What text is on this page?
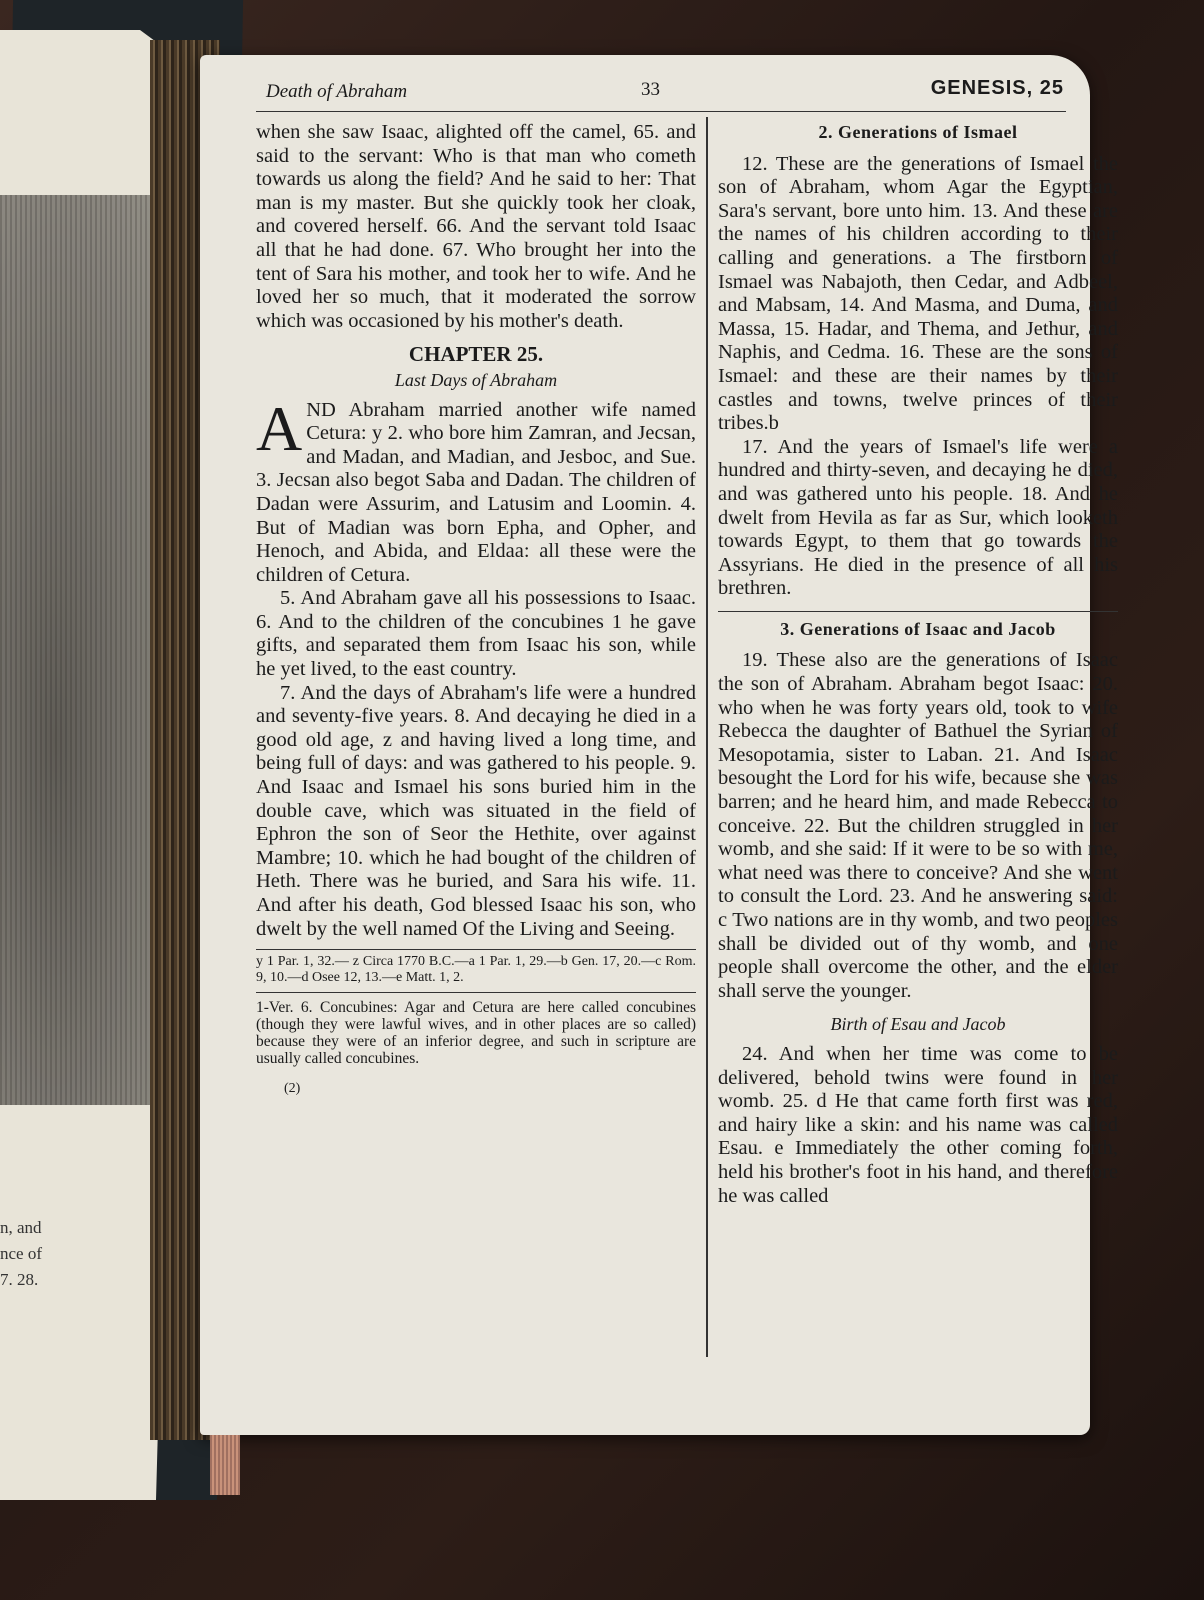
n, and
nce of
7. 28.
Death of Abraham	33	GENESIS, 25

when she saw Isaac, alighted off the camel, 65. and said to the servant: Who is that man who cometh towards us along the field? And he said to her: That man is my master. But she quickly took her cloak, and covered herself. 66. And the servant told Isaac all that he had done. 67. Who brought her into the tent of Sara his mother, and took her to wife. And he loved her so much, that it moderated the sorrow which was occasioned by his mother's death.

CHAPTER 25.
Last Days of Abraham

AND Abraham married another wife named Cetura: y 2. who bore him Zamran, and Jecsan, and Madan, and Madian, and Jesboc, and Sue. 3. Jecsan also begot Saba and Dadan. The children of Dadan were Assurim, and Latusim and Loomin. 4. But of Madian was born Epha, and Opher, and Henoch, and Abida, and Eldaa: all these were the children of Cetura.

5. And Abraham gave all his possessions to Isaac. 6. And to the children of the concubines 1 he gave gifts, and separated them from Isaac his son, while he yet lived, to the east country.

7. And the days of Abraham's life were a hundred and seventy-five years. 8. And decaying he died in a good old age, z and having lived a long time, and being full of days: and was gathered to his people. 9. And Isaac and Ismael his sons buried him in the double cave, which was situated in the field of Ephron the son of Seor the Hethite, over against Mambre; 10. which he had bought of the children of Heth. There was he buried, and Sara his wife. 11. And after his death, God blessed Isaac his son, who dwelt by the well named Of the Living and Seeing.

y 1 Par. 1, 32.— z Circa 1770 B.C.—a 1 Par. 1, 29.—b Gen. 17, 20.—c Rom. 9, 10.—d Osee 12, 13.—e Matt. 1, 2.
1-Ver. 6. Concubines: Agar and Cetura are here called concubines (though they were lawful wives, and in other places are so called) because they were of an inferior degree, and such in scripture are usually called concubines.
(2)
2. Generations of Ismael

12. These are the generations of Ismael the son of Abraham, whom Agar the Egyptian, Sara's servant, bore unto him. 13. And these are the names of his children according to their calling and generations. a The firstborn of Ismael was Nabajoth, then Cedar, and Adbeel, and Mabsam, 14. And Masma, and Duma, and Massa, 15. Hadar, and Thema, and Jethur, and Naphis, and Cedma. 16. These are the sons of Ismael: and these are their names by their castles and towns, twelve princes of their tribes.b

17. And the years of Ismael's life were a hundred and thirty-seven, and decaying he died, and was gathered unto his people. 18. And he dwelt from Hevila as far as Sur, which looketh towards Egypt, to them that go towards the Assyrians. He died in the presence of all his brethren.

3. Generations of Isaac and Jacob

19. These also are the generations of Isaac the son of Abraham. Abraham begot Isaac: 20. who when he was forty years old, took to wife Rebecca the daughter of Bathuel the Syrian of Mesopotamia, sister to Laban. 21. And Isaac besought the Lord for his wife, because she was barren; and he heard him, and made Rebecca to conceive. 22. But the children struggled in her womb, and she said: If it were to be so with me, what need was there to conceive? And she went to consult the Lord. 23. And he answering said: c Two nations are in thy womb, and two peoples shall be divided out of thy womb, and one people shall overcome the other, and the elder shall serve the younger.

Birth of Esau and Jacob

24. And when her time was come to be delivered, behold twins were found in her womb. 25. d He that came forth first was red, and hairy like a skin: and his name was called Esau. e Immediately the other coming forth, held his brother's foot in his hand, and therefore he was called
